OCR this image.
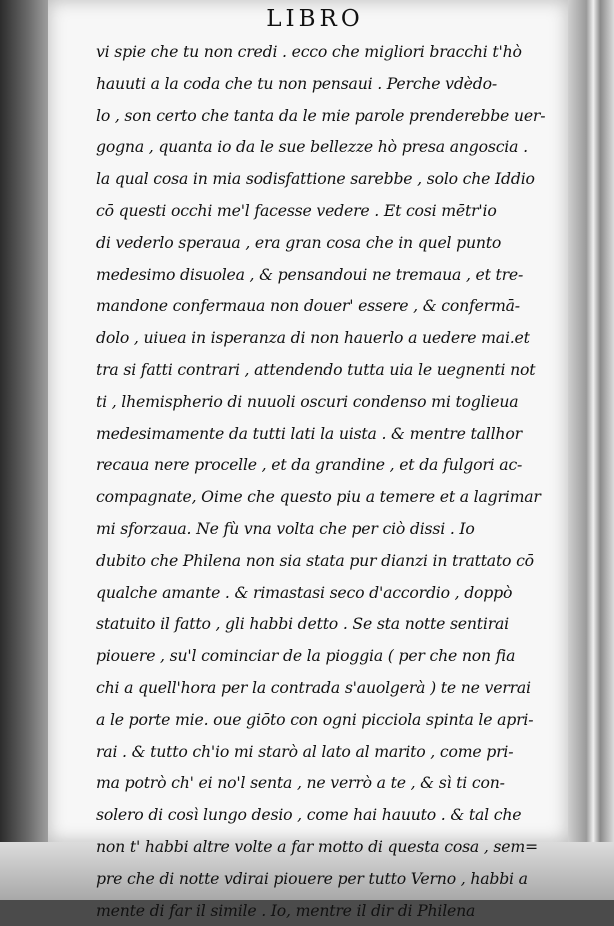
LIBRO
vi spie che tu non credi . ecco che migliori bracchi t'hò
hauuti a la coda che tu non pensaui . Perche vdèdo-
lo , son certo che tanta da le mie parole prenderebbe uer-
gogna , quanta io da le sue bellezze hò presa angoscia .
la qual cosa in mia sodisfattione sarebbe , solo che Iddio
cō questi occhi me'l facesse vedere . Et cosi mētr'io
di vederlo speraua , era gran cosa che in quel punto
medesimo disuolea , & pensandoui ne tremaua , et tre-
mandone confermaua non douer' essere , & confermā-
dolo , uiuea in isperanza di non hauerlo a uedere mai.et
tra si fatti contrari , attendendo tutta uia le uegnenti not
ti , lhemispherio di nuuoli oscuri condenso mi toglieua
medesimamente da tutti lati la uista . & mentre tallhor
recaua nere procelle , et da grandine , et da fulgori ac-
compagnate, Oime che questo piu a temere et a lagrimar
mi sforzaua. Ne fù vna volta che per ciò dissi . Io
dubito che Philena non sia stata pur dianzi in trattato cō
qualche amante . & rimastasi seco d'accordio , doppò
statuito il fatto , gli habbi detto . Se sta notte sentirai
piouere , su'l cominciar de la pioggia ( per che non fia
chi a quell'hora per la contrada s'auolgerà ) te ne verrai
a le porte mie. oue giōto con ogni picciola spinta le apri-
rai . & tutto ch'io mi starò al lato al marito , come pri-
ma potrò ch' ei no'l senta , ne verrò a te , & sì ti con-
solero di così lungo desio , come hai hauuto . & tal che
non t' habbi altre volte a far motto di questa cosa , sem=
pre che di notte vdirai piouere per tutto Verno , habbi a
mente di far il simile . Io, mentre il dir di Philena
